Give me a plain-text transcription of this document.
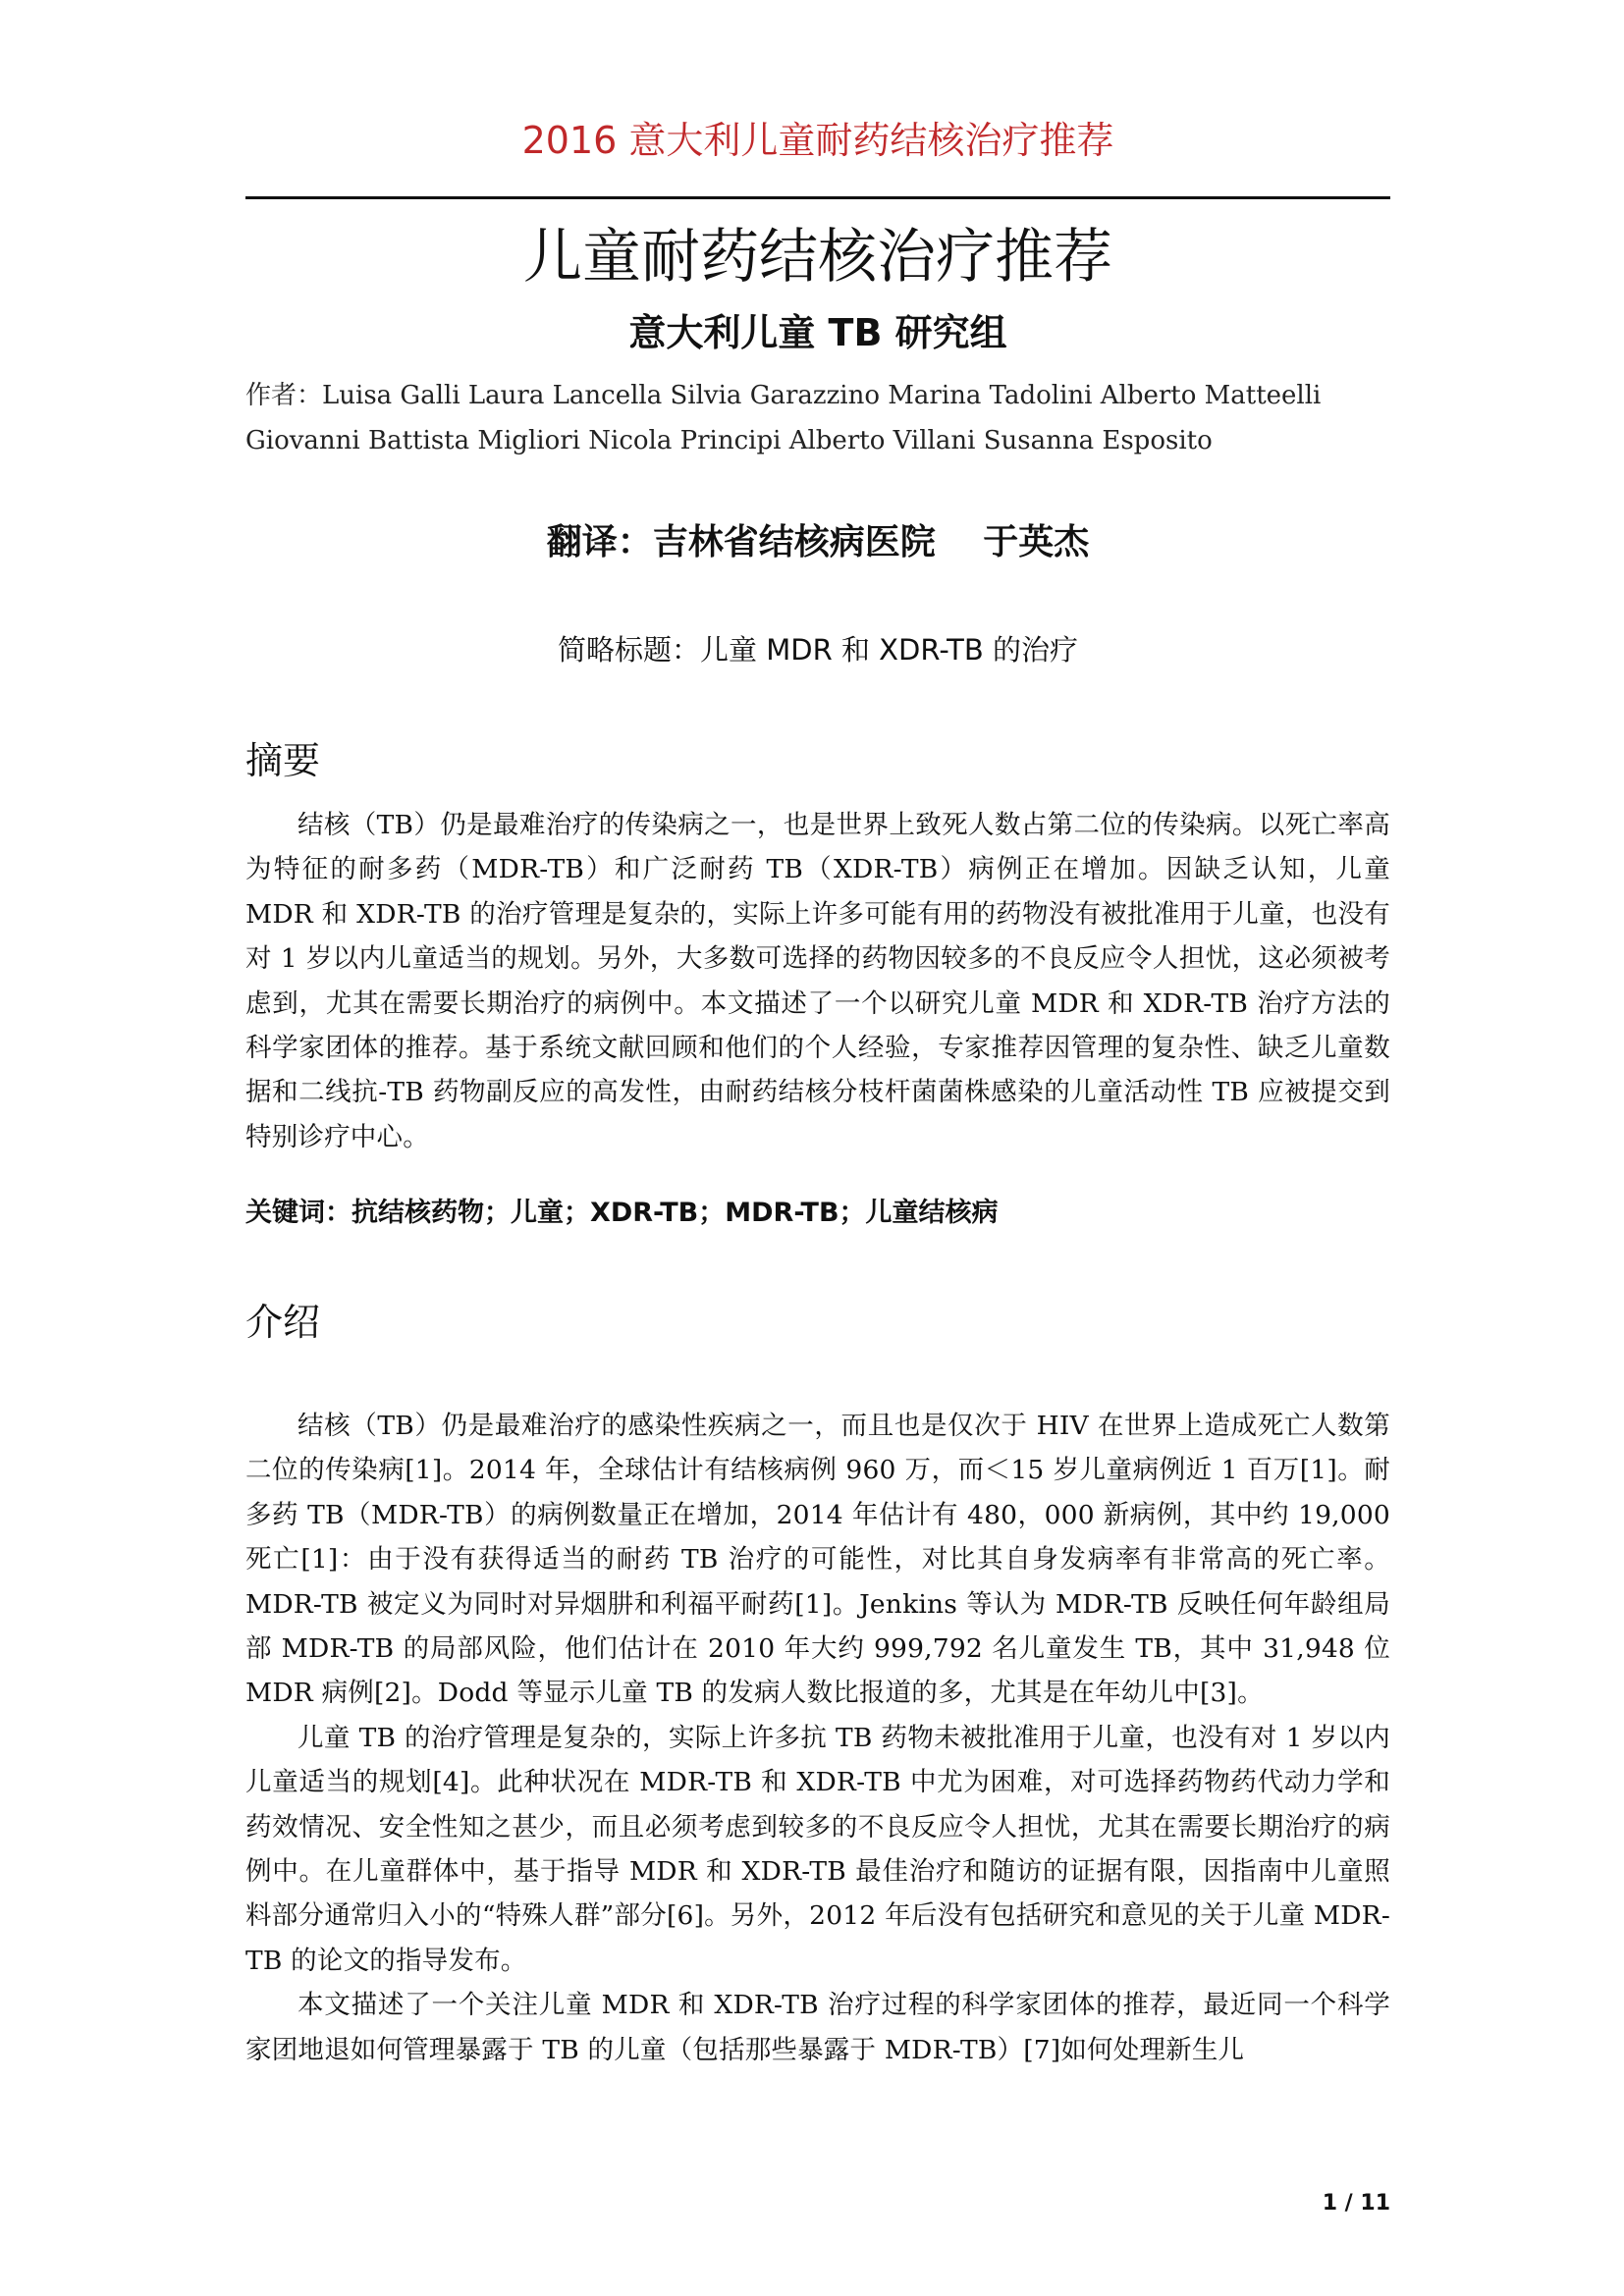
2016 意大利儿童耐药结核治疗推荐
儿童耐药结核治疗推荐
意大利儿童 TB 研究组
作者：Luisa Galli Laura Lancella Silvia Garazzino Marina Tadolini Alberto Matteelli Giovanni Battista Migliori Nicola Principi Alberto Villani Susanna Esposito
翻译：吉林省结核病医院　 于英杰
简略标题：儿童 MDR 和 XDR-TB 的治疗
摘要

结核（TB）仍是最难治疗的传染病之一，也是世界上致死人数占第二位的传染病。以死亡率高为特征的耐多药（MDR-TB）和广泛耐药 TB（XDR-TB）病例正在增加。因缺乏认知，儿童 MDR 和 XDR-TB 的治疗管理是复杂的，实际上许多可能有用的药物没有被批准用于儿童，也没有对 1 岁以内儿童适当的规划。另外，大多数可选择的药物因较多的不良反应令人担忧，这必须被考虑到，尤其在需要长期治疗的病例中。本文描述了一个以研究儿童 MDR 和 XDR-TB 治疗方法的科学家团体的推荐。基于系统文献回顾和他们的个人经验，专家推荐因管理的复杂性、缺乏儿童数据和二线抗-TB 药物副反应的高发性，由耐药结核分枝杆菌菌株感染的儿童活动性 TB 应被提交到特别诊疗中心。

关键词：抗结核药物；儿童；XDR-TB；MDR-TB；儿童结核病
介绍

结核（TB）仍是最难治疗的感染性疾病之一，而且也是仅次于 HIV 在世界上造成死亡人数第二位的传染病[1]。2014 年，全球估计有结核病例 960 万，而＜15 岁儿童病例近 1 百万[1]。耐多药 TB（MDR-TB）的病例数量正在增加，2014 年估计有 480，000 新病例，其中约 19,000 死亡[1]：由于没有获得适当的耐药 TB 治疗的可能性，对比其自身发病率有非常高的死亡率。MDR-TB 被定义为同时对异烟肼和利福平耐药[1]。Jenkins 等认为 MDR-TB 反映任何年龄组局部 MDR-TB 的局部风险，他们估计在 2010 年大约 999,792 名儿童发生 TB，其中 31,948 位 MDR 病例[2]。Dodd 等显示儿童 TB 的发病人数比报道的多，尤其是在年幼儿中[3]。

儿童 TB 的治疗管理是复杂的，实际上许多抗 TB 药物未被批准用于儿童，也没有对 1 岁以内儿童适当的规划[4]。此种状况在 MDR-TB 和 XDR-TB 中尤为困难，对可选择药物药代动力学和药效情况、安全性知之甚少，而且必须考虑到较多的不良反应令人担忧，尤其在需要长期治疗的病例中。在儿童群体中，基于指导 MDR 和 XDR-TB 最佳治疗和随访的证据有限，因指南中儿童照料部分通常归入小的“特殊人群”部分[6]。另外，2012 年后没有包括研究和意见的关于儿童 MDR-TB 的论文的指导发布。

本文描述了一个关注儿童 MDR 和 XDR-TB 治疗过程的科学家团体的推荐，最近同一个科学家团地退如何管理暴露于 TB 的儿童（包括那些暴露于 MDR-TB）[7]如何处理新生儿

1 / 11
